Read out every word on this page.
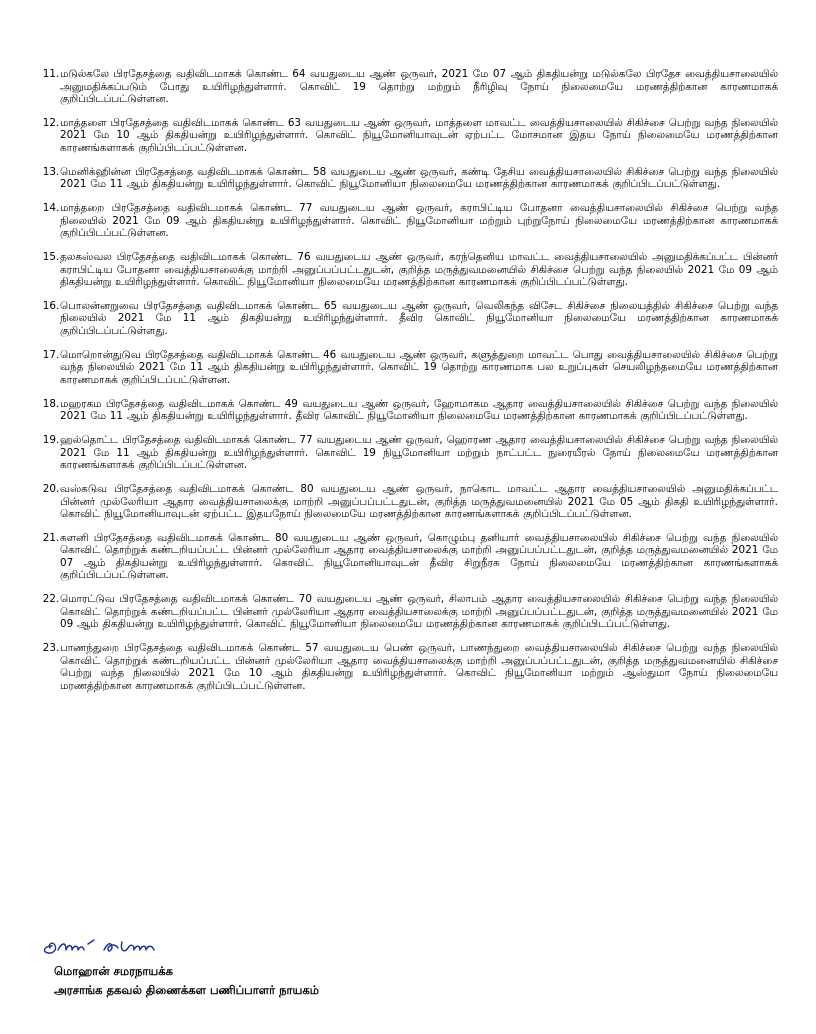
11 . மடுல்கலே பிரதேசத்தை வதிவிடமாகக் கொண்ட 64 வயதுடைய ஆண் ஒருவர், 2021 மே 07 ஆம் திகதியன்று மடுல்கலே பிரதேச வைத்தியசாலையில் அனுமதிக்கப்படும் போது உயிரிழந்துள்ளார். கொவிட் 19 தொற்று மற்றும் நீரிழிவு நோய் நிலைமையே மரணத்திற்கான காரணமாகக் குறிப்பிடப்பட்டுள்ளன.
12 . மாத்தளை பிரதேசத்தை வதிவிடமாகக் கொண்ட 63 வயதுடைய ஆண் ஒருவர், மாத்தளை மாவட்ட வைத்தியசாலையில் சிகிச்சை பெற்று வந்த நிலையில் 2021 மே 10 ஆம் திகதியன்று உயிரிழந்துள்ளார். கொவிட் நியூமோனியாவுடன் ஏற்பட்ட மோசமான இதய நோய் நிலைமையே மரணத்திற்கான காரணங்களாகக் குறிப்பிடப்பட்டுள்ளன.
13 . மெனிக்ஹின்ன பிரதேசத்தை வதிவிடமாகக் கொண்ட 58 வயதுடைய ஆண் ஒருவர், கண்டி தேசிய வைத்தியசாலையில் சிகிச்சை பெற்று வந்த நிலையில் 2021 மே 11 ஆம் திகதியன்று உயிரிழந்துள்ளார். கொவிட் நியூமோனியா நிலைமையே மரணத்திற்கான காரணமாகக் குறிப்பிடப்பட்டுள்ளது.
14 . மாத்தறை பிரதேசத்தை வதிவிடமாகக் கொண்ட 77 வயதுடைய ஆண் ஒருவர், கராபிட்டிய போதனா வைத்தியசாலையில் சிகிச்சை பெற்று வந்த நிலையில் 2021 மே 09 ஆம் திகதியன்று உயிரிழந்துள்ளார். கொவிட் நியூமோனியா மற்றும் புற்றுநோய் நிலைமையே மரணத்திற்கான காரணமாகக் குறிப்பிடப்பட்டுள்ளன.
15 . தலகஸ்வல பிரதேசத்தை வதிவிடமாகக் கொண்ட 76 வயதுடைய ஆண் ஒருவர், கரந்தெனிய மாவட்ட வைத்தியசாலையில் அனுமதிக்கப்பட்ட பின்னர் கராபிட்டிய போதனா வைத்தியசாலைக்கு மாற்றி அனுப்பப்பட்டதுடன், குறித்த மருத்துவமனையில் சிகிச்சை பெற்று வந்த நிலையில் 2021 மே 09 ஆம் திகதியன்று உயிரிழந்துள்ளார். கொவிட் நியூமோனியா நிலைமையே மரணத்திற்கான காரணமாகக் குறிப்பிடப்பட்டுள்ளது.
16 . பொலன்னறுவை பிரதேசத்தை வதிவிடமாகக் கொண்ட 65 வயதுடைய ஆண் ஒருவர், வெலிகந்த விசேட சிகிச்சை நிலையத்தில் சிகிச்சை பெற்று வந்த நிலையில் 2021 மே 11 ஆம் திகதியன்று உயிரிழந்துள்ளார். தீவிர கொவிட் நியூமோனியா நிலைமையே மரணத்திற்கான காரணமாகக் குறிப்பிடப்பட்டுள்ளது.
17 . மொறொன்துடுவ பிரதேசத்தை வதிவிடமாகக் கொண்ட 46 வயதுடைய ஆண் ஒருவர், களுத்துறை மாவட்ட பொது வைத்தியசாலையில் சிகிச்சை பெற்று வந்த நிலையில் 2021 மே 11 ஆம் திகதியன்று உயிரிழந்துள்ளார். கொவிட் 19 தொற்று காரணமாக பல உறுப்புகள் செயலிழந்தமையே மரணத்திற்கான காரணமாகக் குறிப்பிடப்பட்டுள்ளன.
18 . மஹரகம பிரதேசத்தை வதிவிடமாகக் கொண்ட 49 வயதுடைய ஆண் ஒருவர், ஹோமாகம ஆதார வைத்தியசாலையில் சிகிச்சை பெற்று வந்த நிலையில் 2021 மே 11 ஆம் திகதியன்று உயிரிழந்துள்ளார். தீவிர கொவிட் நியூமோனியா நிலைமையே மரணத்திற்கான காரணமாகக் குறிப்பிடப்பட்டுள்ளது.
19 . ஹல்தொட்ட பிரதேசத்தை வதிவிடமாகக் கொண்ட 77 வயதுடைய ஆண் ஒருவர், ஹொரண ஆதார வைத்தியசாலையில் சிகிச்சை பெற்று வந்த நிலையில் 2021 மே 11 ஆம் திகதியன்று உயிரிழந்துள்ளார். கொவிட் 19 நியூமோனியா மற்றும் நாட்பட்ட நுரையீரல் நோய் நிலைமையே மரணத்திற்கான காரணங்களாகக் குறிப்பிடப்பட்டுள்ளன.
20 . வஸ்கடுவ பிரதேசத்தை வதிவிடமாகக் கொண்ட 80 வயதுடைய ஆண் ஒருவர், நாகொட மாவட்ட ஆதார வைத்தியசாலையில் அனுமதிக்கப்பட்ட பின்னர் முல்லேரியா ஆதார வைத்தியசாலைக்கு மாற்றி அனுப்பப்பட்டதுடன், குறித்த மருத்துவமனையில் 2021 மே 05 ஆம் திகதி உயிரிழந்துள்ளார். கொவிட் நியூமோனியாவுடன் ஏற்பட்ட இதயநோய் நிலைமையே மரணத்திற்கான காரணங்களாகக் குறிப்பிடப்பட்டுள்ளன.
21 . களனி பிரதேசத்தை வதிவிடமாகக் கொண்ட 80 வயதுடைய ஆண் ஒருவர், கொழும்பு தனியார் வைத்தியசாலையில் சிகிச்சை பெற்று வந்த நிலையில் கொவிட் தொற்றுக் கண்டறியப்பட்ட பின்னர் முல்லேரியா ஆதார வைத்தியசாலைக்கு மாற்றி அனுப்பப்பட்டதுடன், குறித்த மருத்துவமனையில் 2021 மே 07 ஆம் திகதியன்று உயிரிழந்துள்ளார். கொவிட் நியூமோனியாவுடன் தீவிர சிறுநீரக நோய் நிலைமையே மரணத்திற்கான காரணங்களாகக் குறிப்பிடப்பட்டுள்ளன.
22 . மொரட்டுவ பிரதேசத்தை வதிவிடமாகக் கொண்ட 70 வயதுடைய ஆண் ஒருவர், சிலாபம் ஆதார வைத்தியசாலையில் சிகிச்சை பெற்று வந்த நிலையில் கொவிட் தொற்றுக் கண்டறியப்பட்ட பின்னர் முல்லேரியா ஆதார வைத்தியசாலைக்கு மாற்றி அனுப்பப்பட்டதுடன், குறித்த மருத்துவமனையில் 2021 மே 09 ஆம் திகதியன்று உயிரிழந்துள்ளார். கொவிட் நியூமோனியா நிலைமையே மரணத்திற்கான காரணமாகக் குறிப்பிடப்பட்டுள்ளது.
23 . பாணந்துறை பிரதேசத்தை வதிவிடமாகக் கொண்ட 57 வயதுடைய பெண் ஒருவர், பாணந்துறை வைத்தியசாலையில் சிகிச்சை பெற்று வந்த நிலையில் கொவிட் தொற்றுக் கண்டறியப்பட்ட பின்னர் முல்லேரியா ஆதார வைத்தியசாலைக்கு மாற்றி அனுப்பப்பட்டதுடன், குறித்த மருத்துவமனையில் சிகிச்சை பெற்று வந்த நிலையில் 2021 மே 10 ஆம் திகதியன்று உயிரிழந்துள்ளார். கொவிட் நியூமோனியா மற்றும் ஆஸ்துமா நோய் நிலைமையே மரணத்திற்கான காரணமாகக் குறிப்பிடப்பட்டுள்ளன.
மொஹான் சமரநாயக்க
அரசாங்க தகவல் திணைக்கள பணிப்பாளர் நாயகம்
